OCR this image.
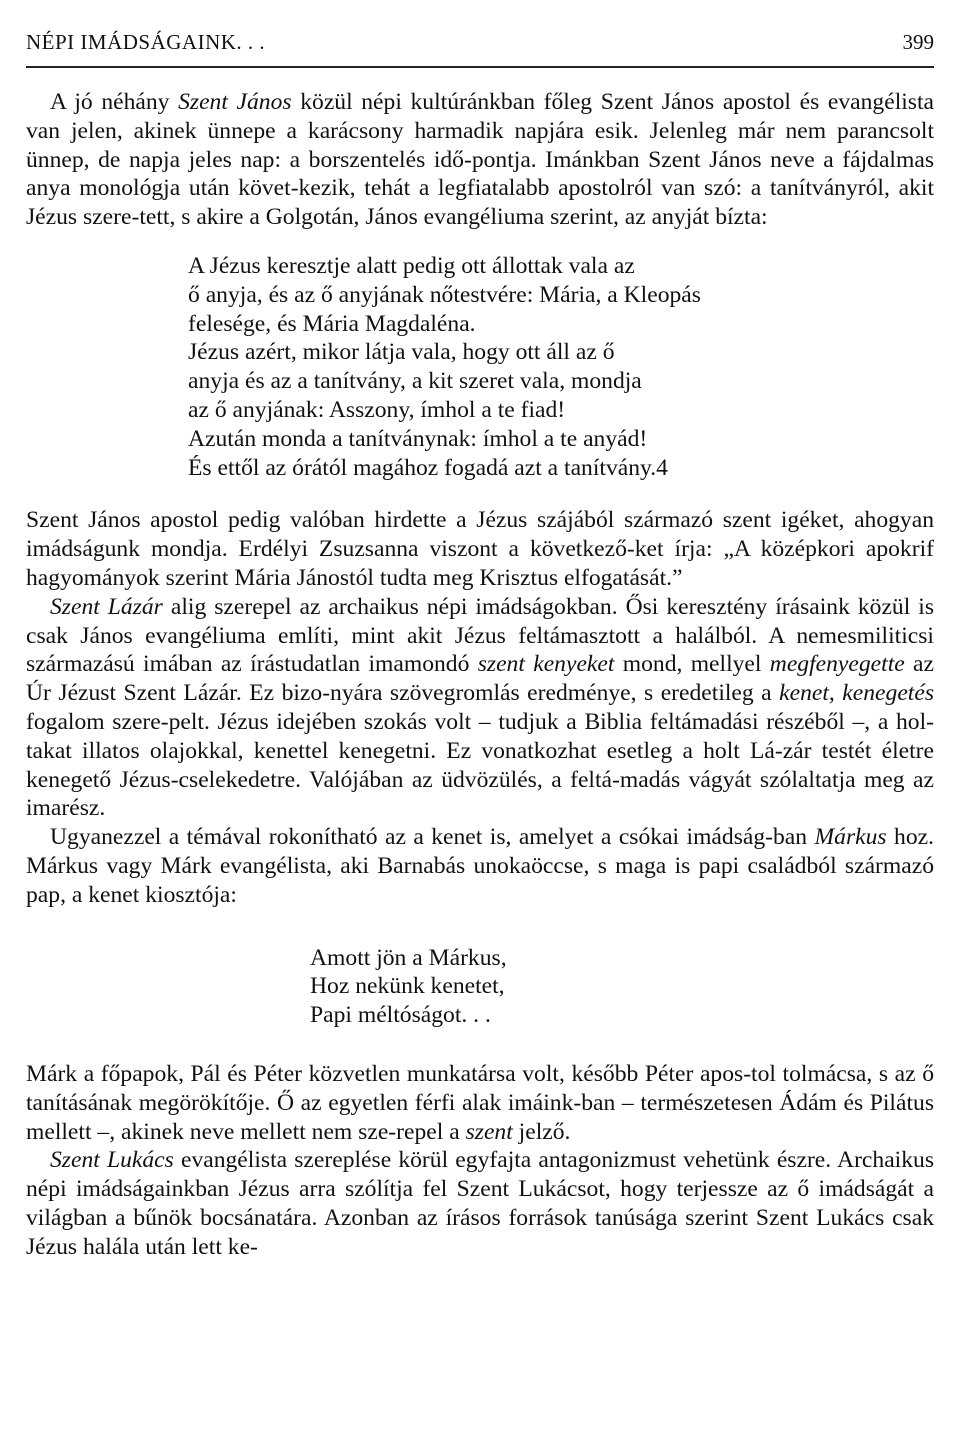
NÉPI IMÁDSÁGAINK. . .	399

A jó néhány Szent János közül népi kultúránkban főleg Szent János apostol és evangélista van jelen, akinek ünnepe a karácsony harmadik napjára esik. Jelenleg már nem parancsolt ünnep, de napja jeles nap: a borszentelés idő-pontja. Imánkban Szent János neve a fájdalmas anya monológja után követ-kezik, tehát a legfiatalabb apostolról van szó: a tanítványról, akit Jézus szere-tett, s akire a Golgotán, János evangéliuma szerint, az anyját bízta:

A Jézus keresztje alatt pedig ott állottak vala az
ő anyja, és az ő anyjának nőtestvére: Mária, a Kleopás
felesége, és Mária Magdaléna.
Jézus azért, mikor látja vala, hogy ott áll az ő
anyja és az a tanítvány, a kit szeret vala, mondja
az ő anyjának: Asszony, ímhol a te fiad!
Azután monda a tanítványnak: ímhol a te anyád!
És ettől az órától magához fogadá azt a tanítvány.4

Szent János apostol pedig valóban hirdette a Jézus szájából származó szent igéket, ahogyan imádságunk mondja. Erdélyi Zsuzsanna viszont a következő-ket írja: „A középkori apokrif hagyományok szerint Mária Jánostól tudta meg Krisztus elfogatását.”

Szent Lázár alig szerepel az archaikus népi imádságokban. Ősi keresztény írásaink közül is csak János evangéliuma említi, mint akit Jézus feltámasztott a halálból. A nemesmiliticsi származású imában az írástudatlan imamondó szent kenyeket mond, mellyel megfenyegette az Úr Jézust Szent Lázár. Ez bizo-nyára szövegromlás eredménye, s eredetileg a kenet, kenegetés fogalom szere-pelt. Jézus idejében szokás volt – tudjuk a Biblia feltámadási részéből –, a hol-takat illatos olajokkal, kenettel kenegetni. Ez vonatkozhat esetleg a holt Lá-zár testét életre kenegető Jézus-cselekedetre. Valójában az üdvözülés, a feltá-madás vágyát szólaltatja meg az imarész.

Ugyanezzel a témával rokonítható az a kenet is, amelyet a csókai imádság-ban Márkus hoz. Márkus vagy Márk evangélista, aki Barnabás unokaöccse, s maga is papi családból származó pap, a kenet kiosztója:

Amott jön a Márkus,
Hoz nekünk kenetet,
Papi méltóságot. . .

Márk a főpapok, Pál és Péter közvetlen munkatársa volt, később Péter apos-tol tolmácsa, s az ő tanításának megörökítője. Ő az egyetlen férfi alak imáink-ban – természetesen Ádám és Pilátus mellett –, akinek neve mellett nem sze-repel a szent jelző.

Szent Lukács evangélista szereplése körül egyfajta antagonizmust vehetünk észre. Archaikus népi imádságainkban Jézus arra szólítja fel Szent Lukácsot, hogy terjessze az ő imádságát a világban a bűnök bocsánatára. Azonban az írásos források tanúsága szerint Szent Lukács csak Jézus halála után lett ke-
